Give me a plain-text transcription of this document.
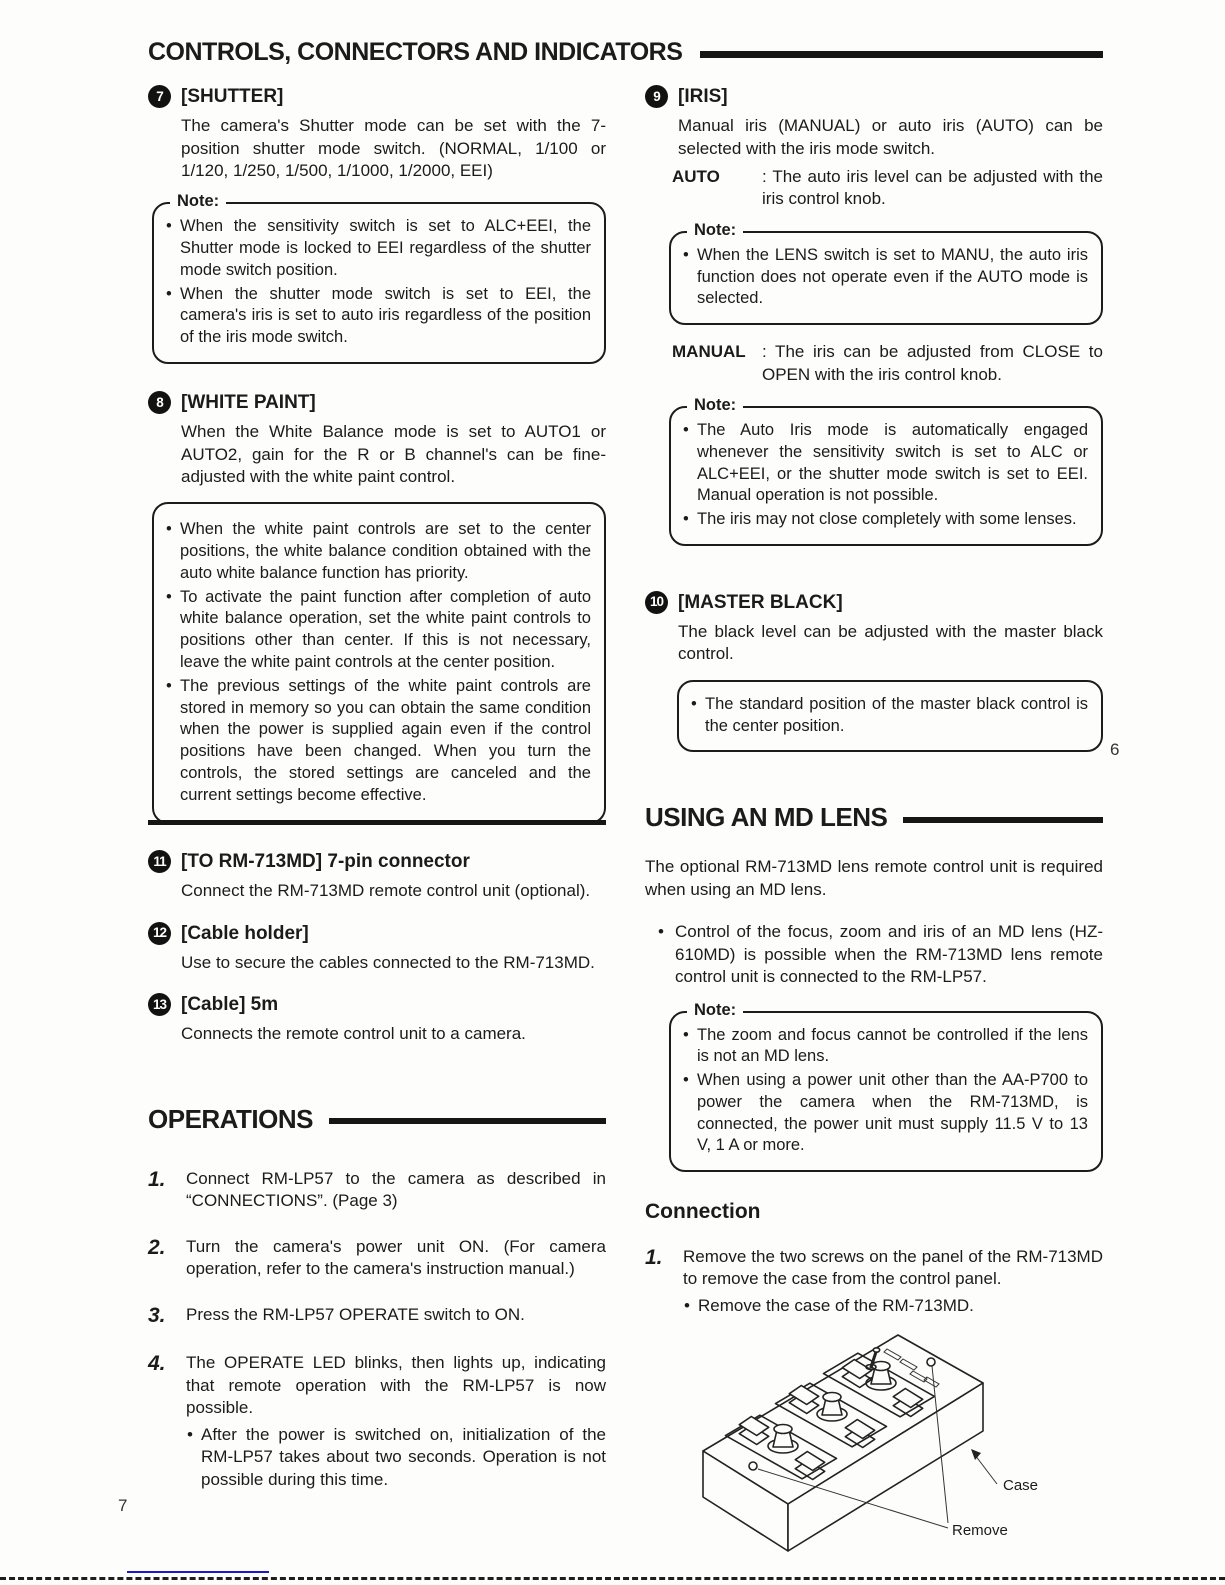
CONTROLS, CONNECTORS AND INDICATORS
7 [SHUTTER]
The camera's Shutter mode can be set with the 7-position shutter mode switch. (NORMAL, 1/100 or 1/120, 1/250, 1/500, 1/1000, 1/2000, EEI)
Note:
• When the sensitivity switch is set to ALC+EEI, the Shutter mode is locked to EEI regardless of the shutter mode switch position.
• When the shutter mode switch is set to EEI, the camera's iris is set to auto iris regardless of the position of the iris mode switch.
8 [WHITE PAINT]
When the White Balance mode is set to AUTO1 or AUTO2, gain for the R or B channel's can be fine-adjusted with the white paint control.
• When the white paint controls are set to the center positions, the white balance condition obtained with the auto white balance function has priority.
• To activate the paint function after completion of auto white balance operation, set the white paint controls to positions other than center. If this is not necessary, leave the white paint controls at the center position.
• The previous settings of the white paint controls are stored in memory so you can obtain the same condition when the power is supplied again even if the control positions have been changed. When you turn the controls, the stored settings are canceled and the current settings become effective.
9 [IRIS]
Manual iris (MANUAL) or auto iris (AUTO) can be selected with the iris mode switch.
AUTO	: The auto iris level can be adjusted with the iris control knob.
Note:
• When the LENS switch is set to MANU, the auto iris function does not operate even if the AUTO mode is selected.
MANUAL : The iris can be adjusted from CLOSE to OPEN with the iris control knob.
Note:
• The Auto Iris mode is automatically engaged whenever the sensitivity switch is set to ALC or ALC+EEI, or the shutter mode switch is set to EEI. Manual operation is not possible.
• The iris may not close completely with some lenses.
10 [MASTER BLACK]
The black level can be adjusted with the master black control.
• The standard position of the master black control is the center position.
6
11 [TO RM-713MD] 7-pin connector
Connect the RM-713MD remote control unit (optional).
12 [Cable holder]
Use to secure the cables connected to the RM-713MD.
13 [Cable] 5m
Connects the remote control unit to a camera.
OPERATIONS
1.	Connect RM-LP57 to the camera as described in “CONNECTIONS”. (Page 3)
2.	Turn the camera's power unit ON. (For camera operation, refer to the camera's instruction manual.)
3.	Press the RM-LP57 OPERATE switch to ON.
4.	The OPERATE LED blinks, then lights up, indicating that remote operation with the RM-LP57 is now possible.
• After the power is switched on, initialization of the RM-LP57 takes about two seconds. Operation is not possible during this time.
USING AN MD LENS
The optional RM-713MD lens remote control unit is required when using an MD lens.
• Control of the focus, zoom and iris of an MD lens (HZ-610MD) is possible when the RM-713MD lens remote control unit is connected to the RM-LP57.
Note:
• The zoom and focus cannot be controlled if the lens is not an MD lens.
• When using a power unit other than the AA-P700 to power the camera when the RM-713MD, is connected, the power unit must supply 11.5 V to 13 V, 1 A or more.
Connection
1.	Remove the two screws on the panel of the RM-713MD to remove the case from the control panel.
• Remove the case of the RM-713MD.
Case
Remove
7
